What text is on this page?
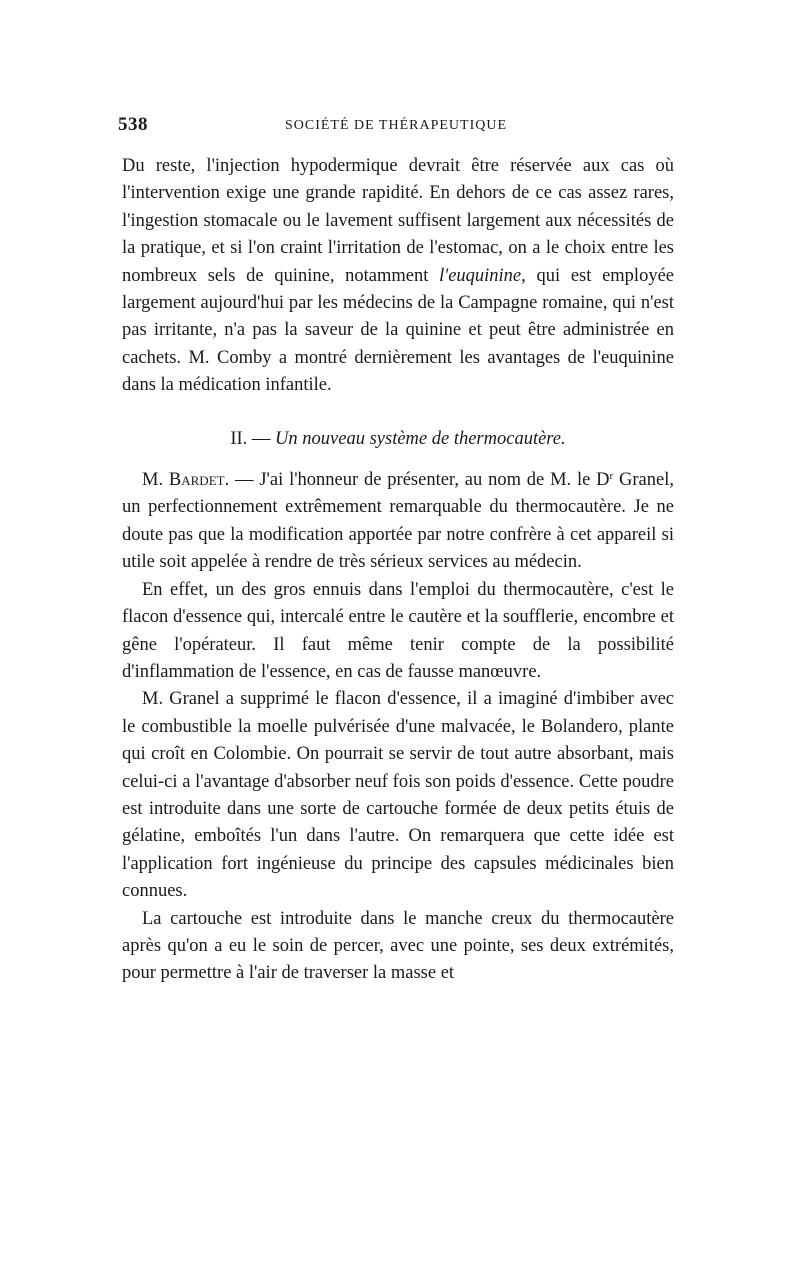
538	SOCIÉTÉ DE THÉRAPEUTIQUE

Du reste, l'injection hypodermique devrait être réservée aux cas où l'intervention exige une grande rapidité. En dehors de ce cas assez rares, l'ingestion stomacale ou le lavement suffisent largement aux nécessités de la pratique, et si l'on craint l'irritation de l'estomac, on a le choix entre les nombreux sels de quinine, notamment l'euquinine, qui est employée largement aujourd'hui par les médecins de la Campagne romaine, qui n'est pas irritante, n'a pas la saveur de la quinine et peut être administrée en cachets. M. Comby a montré dernièrement les avantages de l'euquinine dans la médication infantile.

II. — Un nouveau système de thermocautère.

M. Bardet. — J'ai l'honneur de présenter, au nom de M. le $D^r$ Granel, un perfectionnement extrêmement remarquable du thermocautère. Je ne doute pas que la modification apportée par notre confrère à cet appareil si utile soit appelée à rendre de très sérieux services au médecin.

En effet, un des gros ennuis dans l'emploi du thermocautère, c'est le flacon d'essence qui, intercalé entre le cautère et la soufflerie, encombre et gêne l'opérateur. Il faut même tenir compte de la possibilité d'inflammation de l'essence, en cas de fausse manœuvre.

M. Granel a supprimé le flacon d'essence, il a imaginé d'imbiber avec le combustible la moelle pulvérisée d'une malvacée, le Bolandero, plante qui croît en Colombie. On pourrait se servir de tout autre absorbant, mais celui-ci a l'avantage d'absorber neuf fois son poids d'essence. Cette poudre est introduite dans une sorte de cartouche formée de deux petits étuis de gélatine, emboîtés l'un dans l'autre. On remarquera que cette idée est l'application fort ingénieuse du principe des capsules médicinales bien connues.

La cartouche est introduite dans le manche creux du thermocautère après qu'on a eu le soin de percer, avec une pointe, ses deux extrémités, pour permettre à l'air de traverser la masse et
